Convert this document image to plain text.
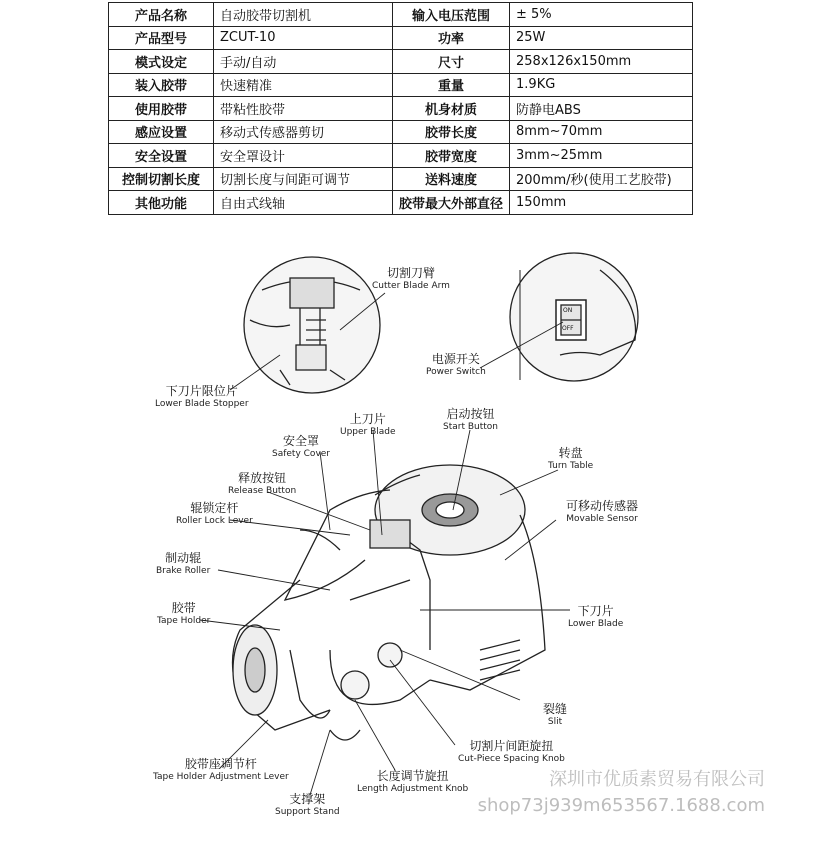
产品名称	自动胶带切割机	输入电压范围	± 5%
产品型号	ZCUT-10	功率	25W
模式设定	手动/自动	尺寸	258x126x150mm
装入胶带	快速精准	重量	1.9KG
使用胶带	带粘性胶带	机身材质	防静电ABS
感应设置	移动式传感器剪切	胶带长度	8mm~70mm
安全设置	安全罩设计	胶带宽度	3mm~25mm
控制切割长度	切割长度与间距可调节	送料速度	200mm/秒(使用工艺胶带)
其他功能	自由式线轴	胶带最大外部直径	150mm
ON
OFF
切割刀臂
Cutter Blade Arm
电源开关
Power Switch
下刀片限位片
Lower Blade Stopper
上刀片
Upper Blade
启动按钮
Start Button
安全罩
Safety Cover	转盘
Turn Table
释放按钮
Release Button
可移动传感器
Movable Sensor
辊锁定杆
Roller Lock Lever
制动辊
Brake Roller
下刀片
Lower Blade
胶带
Tape Holder
裂缝
Slit
切割片间距旋扭
Cut-Piece Spacing Knob
胶带座调节杆
Tape Holder Adjustment Lever	长度调节旋扭
Length Adjustment Knob
支撑架
Support Stand
深圳市优质素贸易有限公司
shop73j939m653567.1688.com
